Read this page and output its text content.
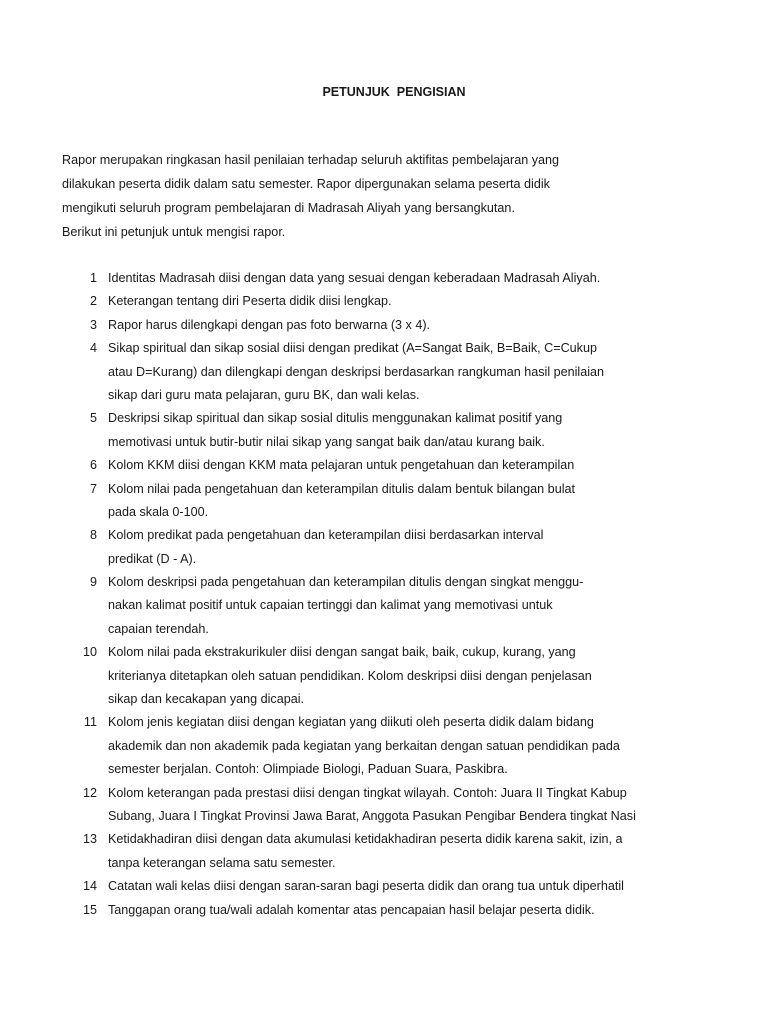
PETUNJUK  PENGISIAN
Rapor merupakan ringkasan hasil penilaian terhadap seluruh aktifitas pembelajaran yang
dilakukan peserta didik dalam satu semester. Rapor dipergunakan selama peserta didik
mengikuti seluruh program pembelajaran di Madrasah Aliyah yang bersangkutan.
Berikut ini petunjuk untuk mengisi rapor.
1 Identitas Madrasah diisi dengan data yang sesuai dengan keberadaan Madrasah Aliyah.
2 Keterangan tentang diri Peserta didik diisi lengkap.
3 Rapor harus dilengkapi dengan pas foto berwarna (3 x 4).
4 Sikap spiritual dan sikap sosial diisi dengan predikat (A=Sangat Baik, B=Baik, C=Cukup
atau D=Kurang) dan dilengkapi dengan deskripsi berdasarkan rangkuman hasil penilaian
sikap dari guru mata pelajaran, guru BK, dan wali kelas.
5 Deskripsi sikap spiritual dan sikap sosial ditulis menggunakan kalimat positif yang
memotivasi untuk butir-butir nilai sikap yang sangat baik dan/atau kurang baik.
6 Kolom KKM diisi dengan KKM mata pelajaran untuk pengetahuan dan keterampilan
7 Kolom nilai pada pengetahuan dan keterampilan ditulis dalam bentuk bilangan bulat
pada skala 0-100.
8 Kolom predikat pada pengetahuan dan keterampilan diisi berdasarkan interval
predikat (D - A).
9 Kolom deskripsi pada pengetahuan dan keterampilan ditulis dengan singkat menggu-
nakan kalimat positif untuk capaian tertinggi dan kalimat yang memotivasi untuk
capaian terendah.
10 Kolom nilai pada ekstrakurikuler diisi dengan sangat baik, baik, cukup, kurang, yang
kriterianya ditetapkan oleh satuan pendidikan. Kolom deskripsi diisi dengan penjelasan
sikap dan kecakapan yang dicapai.
11 Kolom jenis kegiatan diisi dengan kegiatan yang diikuti oleh peserta didik dalam bidang
akademik dan non akademik pada kegiatan yang berkaitan dengan satuan pendidikan pada
semester berjalan. Contoh: Olimpiade Biologi, Paduan Suara, Paskibra.
12 Kolom keterangan pada prestasi diisi dengan tingkat wilayah. Contoh: Juara II Tingkat Kabup
Subang, Juara I Tingkat Provinsi Jawa Barat, Anggota Pasukan Pengibar Bendera tingkat Nasi
13 Ketidakhadiran diisi dengan data akumulasi ketidakhadiran peserta didik karena sakit, izin, a
tanpa keterangan selama satu semester.
14 Catatan wali kelas diisi dengan saran-saran bagi peserta didik dan orang tua untuk diperhatil
15 Tanggapan orang tua/wali adalah komentar atas pencapaian hasil belajar peserta didik.
